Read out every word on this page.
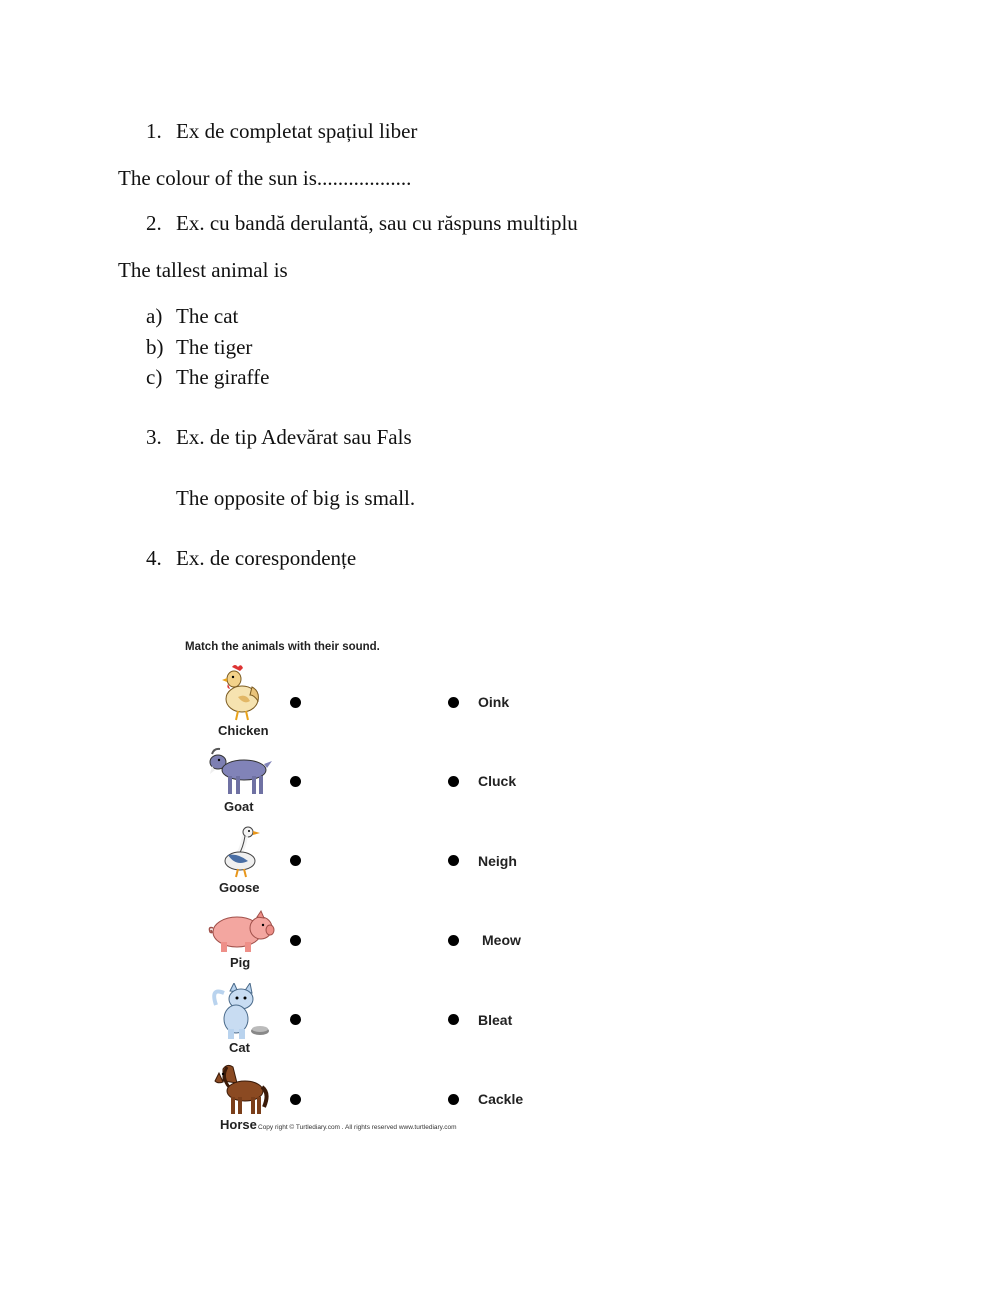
1. Ex de completat spațiul liber
The colour of the sun is..................
2. Ex. cu bandă derulantă, sau cu răspuns multiplu
The tallest animal is
a) The cat
b) The tiger
c) The giraffe
3. Ex. de tip Adevărat sau Fals
The opposite of big is small.
4. Ex. de corespondențe
Match the animals with their sound.
Chicken
Goat
Goose
Pig
Cat
Horse
Oink
Cluck
Neigh
Meow
Bleat
Cackle
Copy right © Turtlediary.com . All rights reserved www.turtlediary.com
